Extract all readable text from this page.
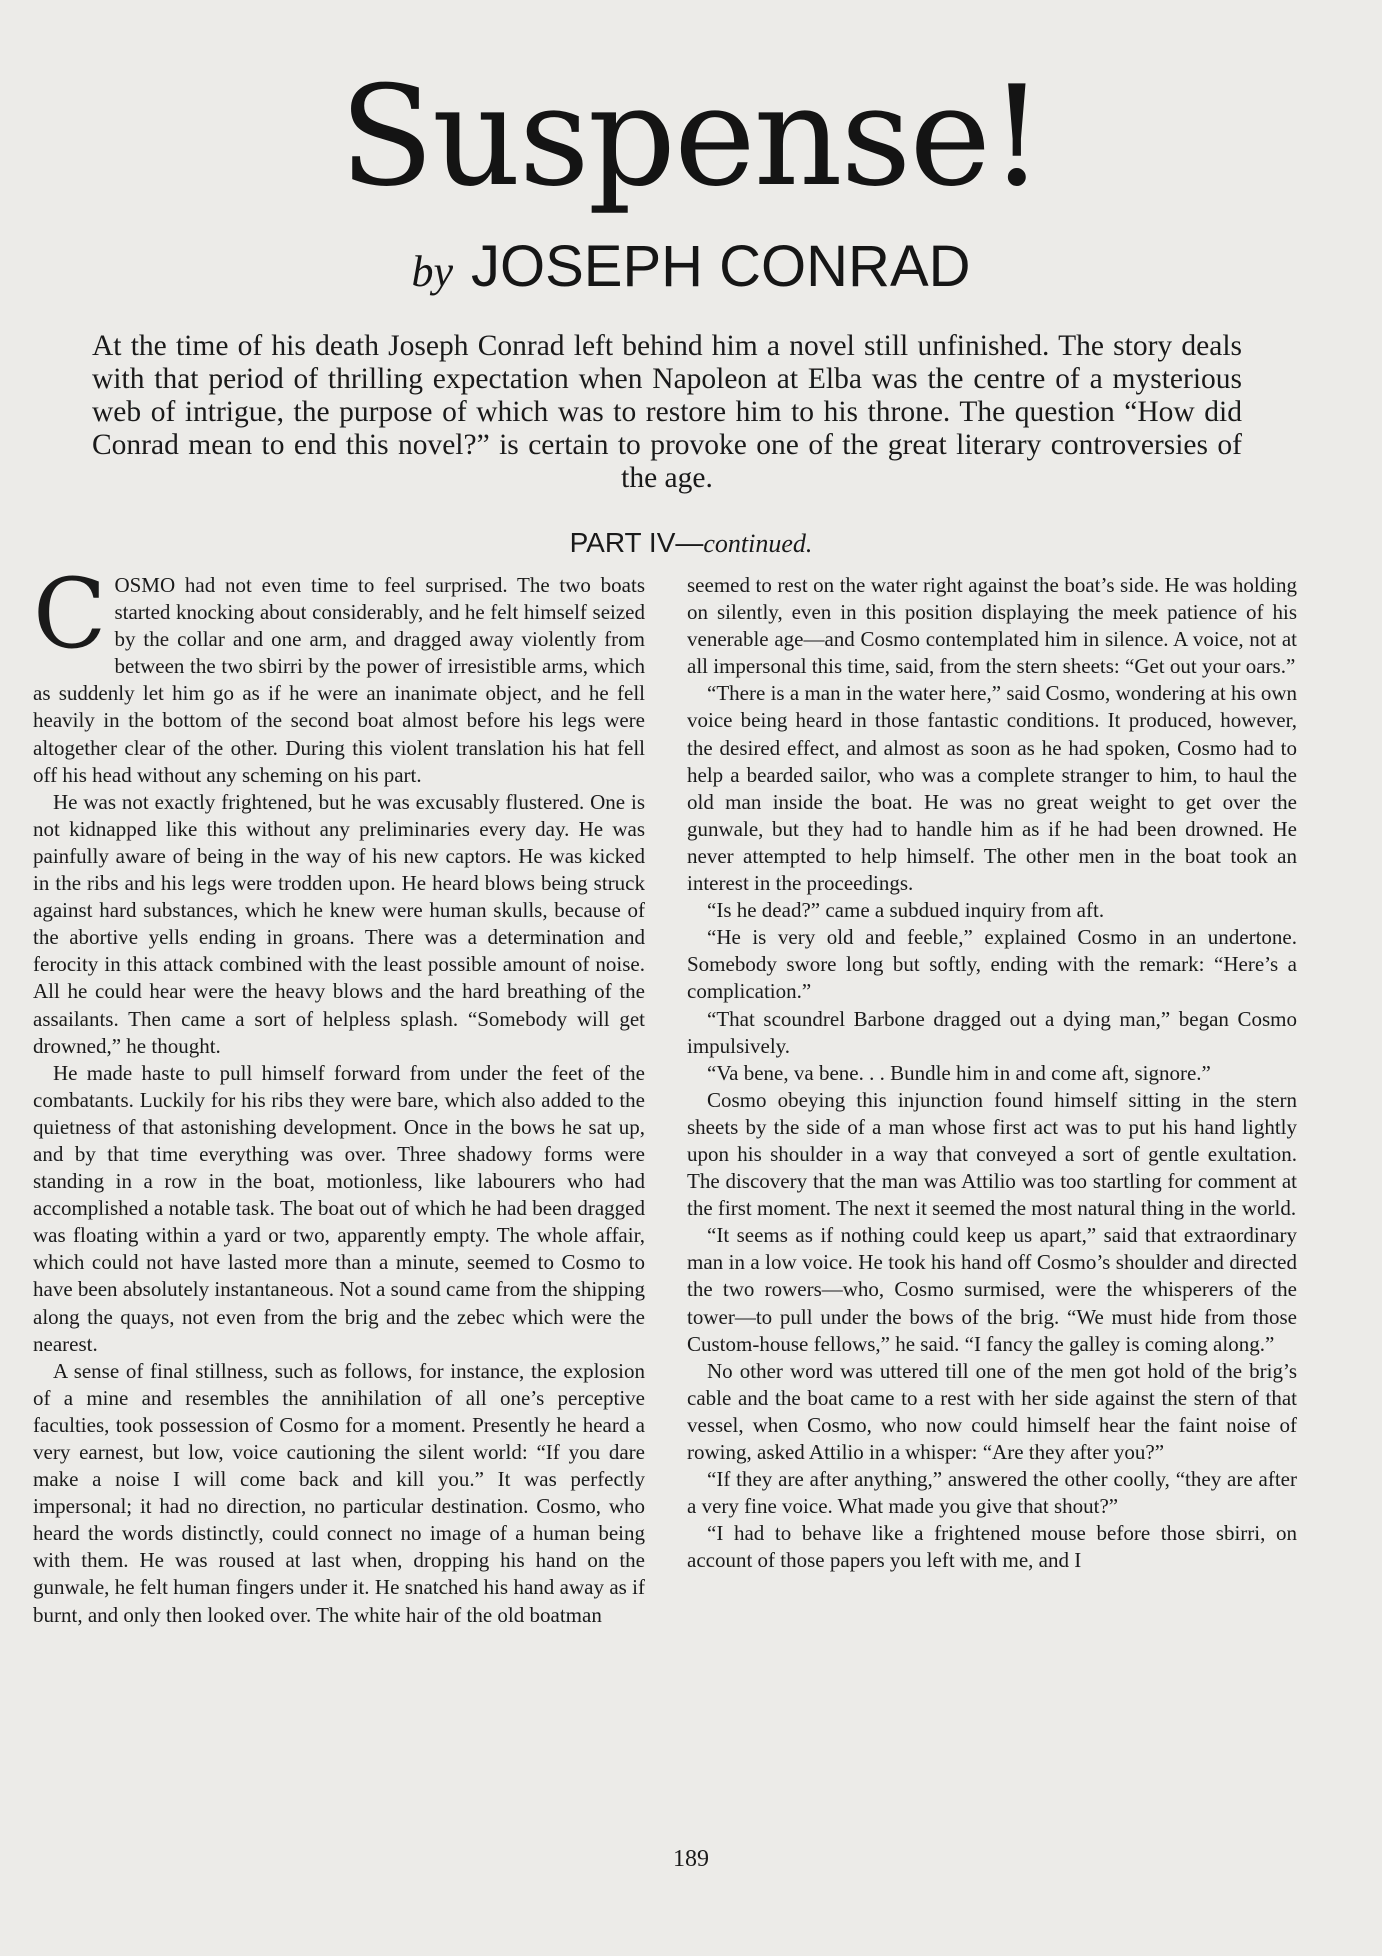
Suspense!
by JOSEPH CONRAD
At the time of his death Joseph Conrad left behind him a novel still unfinished. The story deals with that period of thrilling expectation when Napoleon at Elba was the centre of a mysterious web of intrigue, the purpose of which was to restore him to his throne. The question “How did Conrad mean to end this novel?” is certain to provoke one of the great literary controversies of the age.
PART IV—continued.

COSMO had not even time to feel surprised. The two boats started knocking about considerably, and he felt himself seized by the collar and one arm, and dragged away violently from between the two sbirri by the power of irresistible arms, which as suddenly let him go as if he were an inanimate object, and he fell heavily in the bottom of the second boat almost before his legs were altogether clear of the other. During this violent translation his hat fell off his head without any scheming on his part.

He was not exactly frightened, but he was excusably flustered. One is not kidnapped like this without any preliminaries every day. He was painfully aware of being in the way of his new captors. He was kicked in the ribs and his legs were trodden upon. He heard blows being struck against hard substances, which he knew were human skulls, because of the abortive yells ending in groans. There was a determination and ferocity in this attack combined with the least possible amount of noise. All he could hear were the heavy blows and the hard breathing of the assailants. Then came a sort of helpless splash. “Somebody will get drowned,” he thought.

He made haste to pull himself forward from under the feet of the combatants. Luckily for his ribs they were bare, which also added to the quietness of that astonishing development. Once in the bows he sat up, and by that time everything was over. Three shadowy forms were standing in a row in the boat, motionless, like labourers who had accomplished a notable task. The boat out of which he had been dragged was floating within a yard or two, apparently empty. The whole affair, which could not have lasted more than a minute, seemed to Cosmo to have been absolutely instantaneous. Not a sound came from the shipping along the quays, not even from the brig and the zebec which were the nearest.

A sense of final stillness, such as follows, for instance, the explosion of a mine and resembles the annihilation of all one’s perceptive faculties, took possession of Cosmo for a moment. Presently he heard a very earnest, but low, voice cautioning the silent world: “If you dare make a noise I will come back and kill you.” It was perfectly impersonal; it had no direction, no particular destination. Cosmo, who heard the words distinctly, could connect no image of a human being with them. He was roused at last when, dropping his hand on the gunwale, he felt human fingers under it. He snatched his hand away as if burnt, and only then looked over. The white hair of the old boatman

seemed to rest on the water right against the boat’s side. He was holding on silently, even in this position displaying the meek patience of his venerable age—and Cosmo contemplated him in silence. A voice, not at all impersonal this time, said, from the stern sheets: “Get out your oars.”

“There is a man in the water here,” said Cosmo, wondering at his own voice being heard in those fantastic conditions. It produced, however, the desired effect, and almost as soon as he had spoken, Cosmo had to help a bearded sailor, who was a complete stranger to him, to haul the old man inside the boat. He was no great weight to get over the gunwale, but they had to handle him as if he had been drowned. He never attempted to help himself. The other men in the boat took an interest in the proceedings.

“Is he dead?” came a subdued inquiry from aft.

“He is very old and feeble,” explained Cosmo in an undertone. Somebody swore long but softly, ending with the remark: “Here’s a complication.”

“That scoundrel Barbone dragged out a dying man,” began Cosmo impulsively.

“Va bene, va bene. . . Bundle him in and come aft, signore.”

Cosmo obeying this injunction found himself sitting in the stern sheets by the side of a man whose first act was to put his hand lightly upon his shoulder in a way that conveyed a sort of gentle exultation. The discovery that the man was Attilio was too startling for comment at the first moment. The next it seemed the most natural thing in the world.

“It seems as if nothing could keep us apart,” said that extraordinary man in a low voice. He took his hand off Cosmo’s shoulder and directed the two rowers—who, Cosmo surmised, were the whisperers of the tower—to pull under the bows of the brig. “We must hide from those Custom-house fellows,” he said. “I fancy the galley is coming along.”

No other word was uttered till one of the men got hold of the brig’s cable and the boat came to a rest with her side against the stern of that vessel, when Cosmo, who now could himself hear the faint noise of rowing, asked Attilio in a whisper: “Are they after you?”

“If they are after anything,” answered the other coolly, “they are after a very fine voice. What made you give that shout?”

“I had to behave like a frightened mouse before those sbirri, on account of those papers you left with me, and I

189
